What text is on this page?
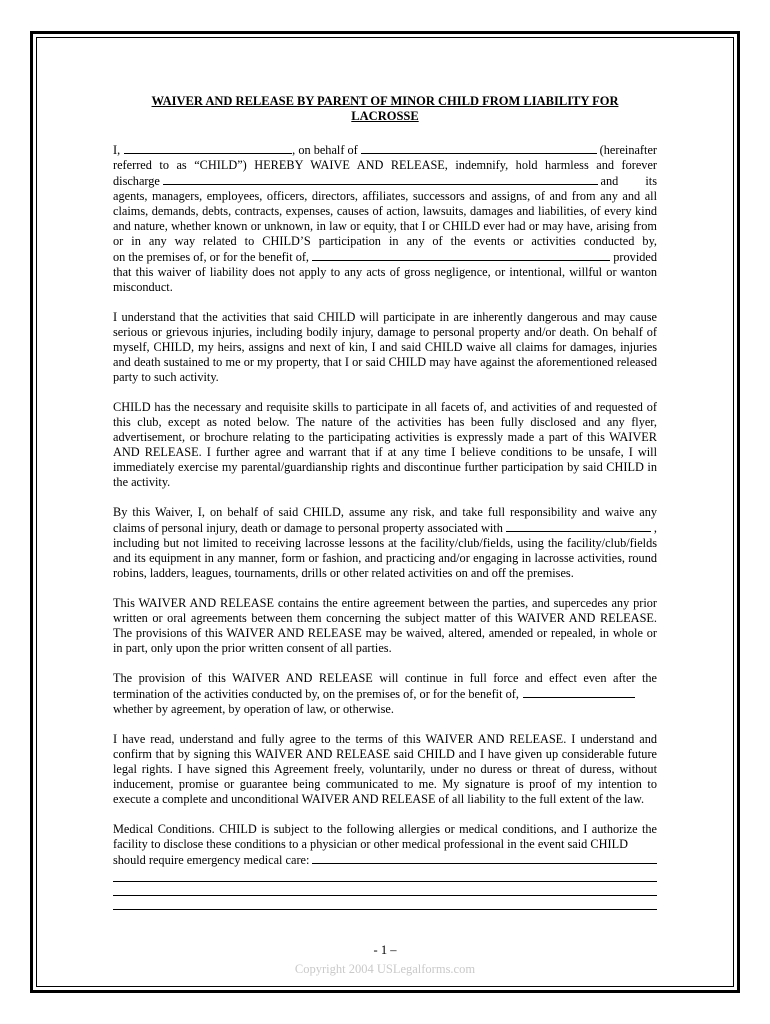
WAIVER AND RELEASE BY PARENT OF MINOR CHILD FROM LIABILITY FOR
LACROSSE
I,	, on behalf of	(hereinafter
referred to as “CHILD”) HEREBY WAIVE AND RELEASE, indemnify, hold harmless and forever
discharge	and its
agents, managers, employees, officers, directors, affiliates, successors and assigns, of and from any and all claims, demands, debts, contracts, expenses, causes of action, lawsuits, damages and liabilities, of every kind and nature, whether known or unknown, in law or equity, that I or CHILD ever had or may have, arising from or in any way related to CHILD’S participation in any of the events or activities conducted by,
on the premises of, or for the benefit of,	provided
that this waiver of liability does not apply to any acts of gross negligence, or intentional, willful or wanton misconduct.
I understand that the activities that said CHILD will participate in are inherently dangerous and may cause serious or grievous injuries, including bodily injury, damage to personal property and/or death. On behalf of myself, CHILD, my heirs, assigns and next of kin, I and said CHILD waive all claims for damages, injuries and death sustained to me or my property, that I or said CHILD may have against the aforementioned released party to such activity.
CHILD has the necessary and requisite skills to participate in all facets of, and activities of and requested of this club, except as noted below. The nature of the activities has been fully disclosed and any flyer, advertisement, or brochure relating to the participating activities is expressly made a part of this WAIVER AND RELEASE. I further agree and warrant that if at any time I believe conditions to be unsafe, I will immediately exercise my parental/guardianship rights and discontinue further participation by said CHILD in the activity.
By this Waiver, I, on behalf of said CHILD, assume any risk, and take full responsibility and waive any
claims of personal injury, death or damage to personal property associated with	,
including but not limited to receiving lacrosse lessons at the facility/club/fields, using the facility/club/fields and its equipment in any manner, form or fashion, and practicing and/or engaging in lacrosse activities, round robins, ladders, leagues, tournaments, drills or other related activities on and off the premises.
This WAIVER AND RELEASE contains the entire agreement between the parties, and supercedes any prior written or oral agreements between them concerning the subject matter of this WAIVER AND RELEASE. The provisions of this WAIVER AND RELEASE may be waived, altered, amended or repealed, in whole or in part, only upon the prior written consent of all parties.
The provision of this WAIVER AND RELEASE will continue in full force and effect even after the
termination of the activities conducted by, on the premises of, or for the benefit of,
whether by agreement, by operation of law, or otherwise.
I have read, understand and fully agree to the terms of this WAIVER AND RELEASE. I understand and confirm that by signing this WAIVER AND RELEASE said CHILD and I have given up considerable future legal rights. I have signed this Agreement freely, voluntarily, under no duress or threat of duress, without inducement, promise or guarantee being communicated to me. My signature is proof of my intention to execute a complete and unconditional WAIVER AND RELEASE of all liability to the full extent of the law.
Medical Conditions. CHILD is subject to the following allergies or medical conditions, and I authorize the facility to disclose these conditions to a physician or other medical professional in the event said CHILD
should require emergency medical care:
- 1 –
Copyright 2004 USLegalforms.com
